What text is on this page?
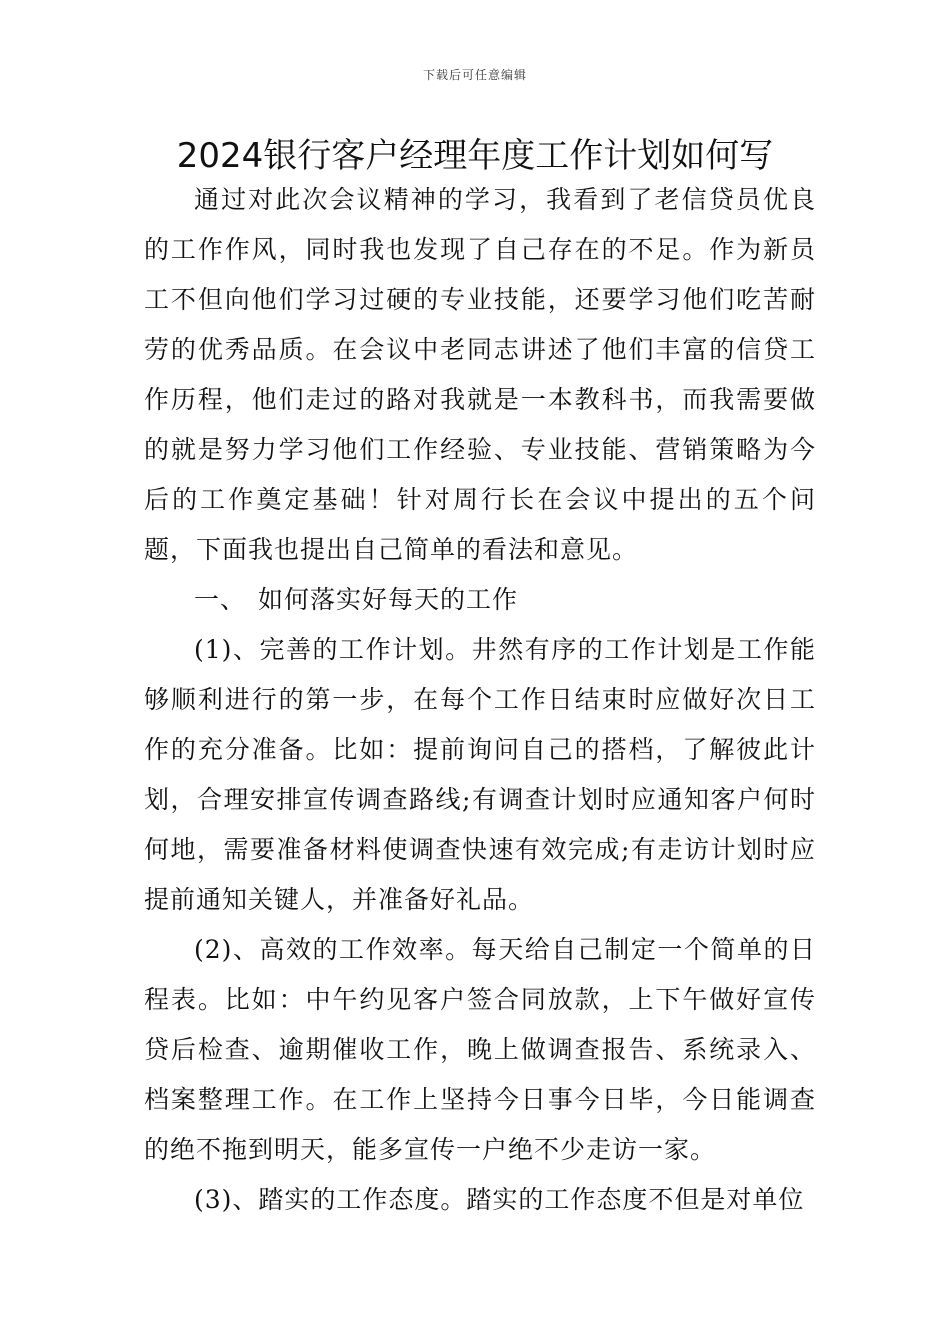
下载后可任意编辑
2024银行客户经理年度工作计划如何写

通过对此次会议精神的学习，我看到了老信贷员优良的工作作风，同时我也发现了自己存在的不足。作为新员工不但向他们学习过硬的专业技能，还要学习他们吃苦耐劳的优秀品质。在会议中老同志讲述了他们丰富的信贷工作历程，他们走过的路对我就是一本教科书，而我需要做的就是努力学习他们工作经验、专业技能、营销策略为今后的工作奠定基础！针对周行长在会议中提出的五个问题，下面我也提出自己简单的看法和意见。

一、 如何落实好每天的工作

(1)、完善的工作计划。井然有序的工作计划是工作能够顺利进行的第一步，在每个工作日结束时应做好次日工作的充分准备。比如：提前询问自己的搭档，了解彼此计划，合理安排宣传调查路线;有调查计划时应通知客户何时何地，需要准备材料使调查快速有效完成;有走访计划时应提前通知关键人，并准备好礼品。

(2)、高效的工作效率。每天给自己制定一个简单的日程表。比如：中午约见客户签合同放款，上下午做好宣传贷后检查、逾期催收工作，晚上做调查报告、系统录入、档案整理工作。在工作上坚持今日事今日毕，今日能调查的绝不拖到明天，能多宣传一户绝不少走访一家。

(3)、踏实的工作态度。踏实的工作态度不但是对单位
